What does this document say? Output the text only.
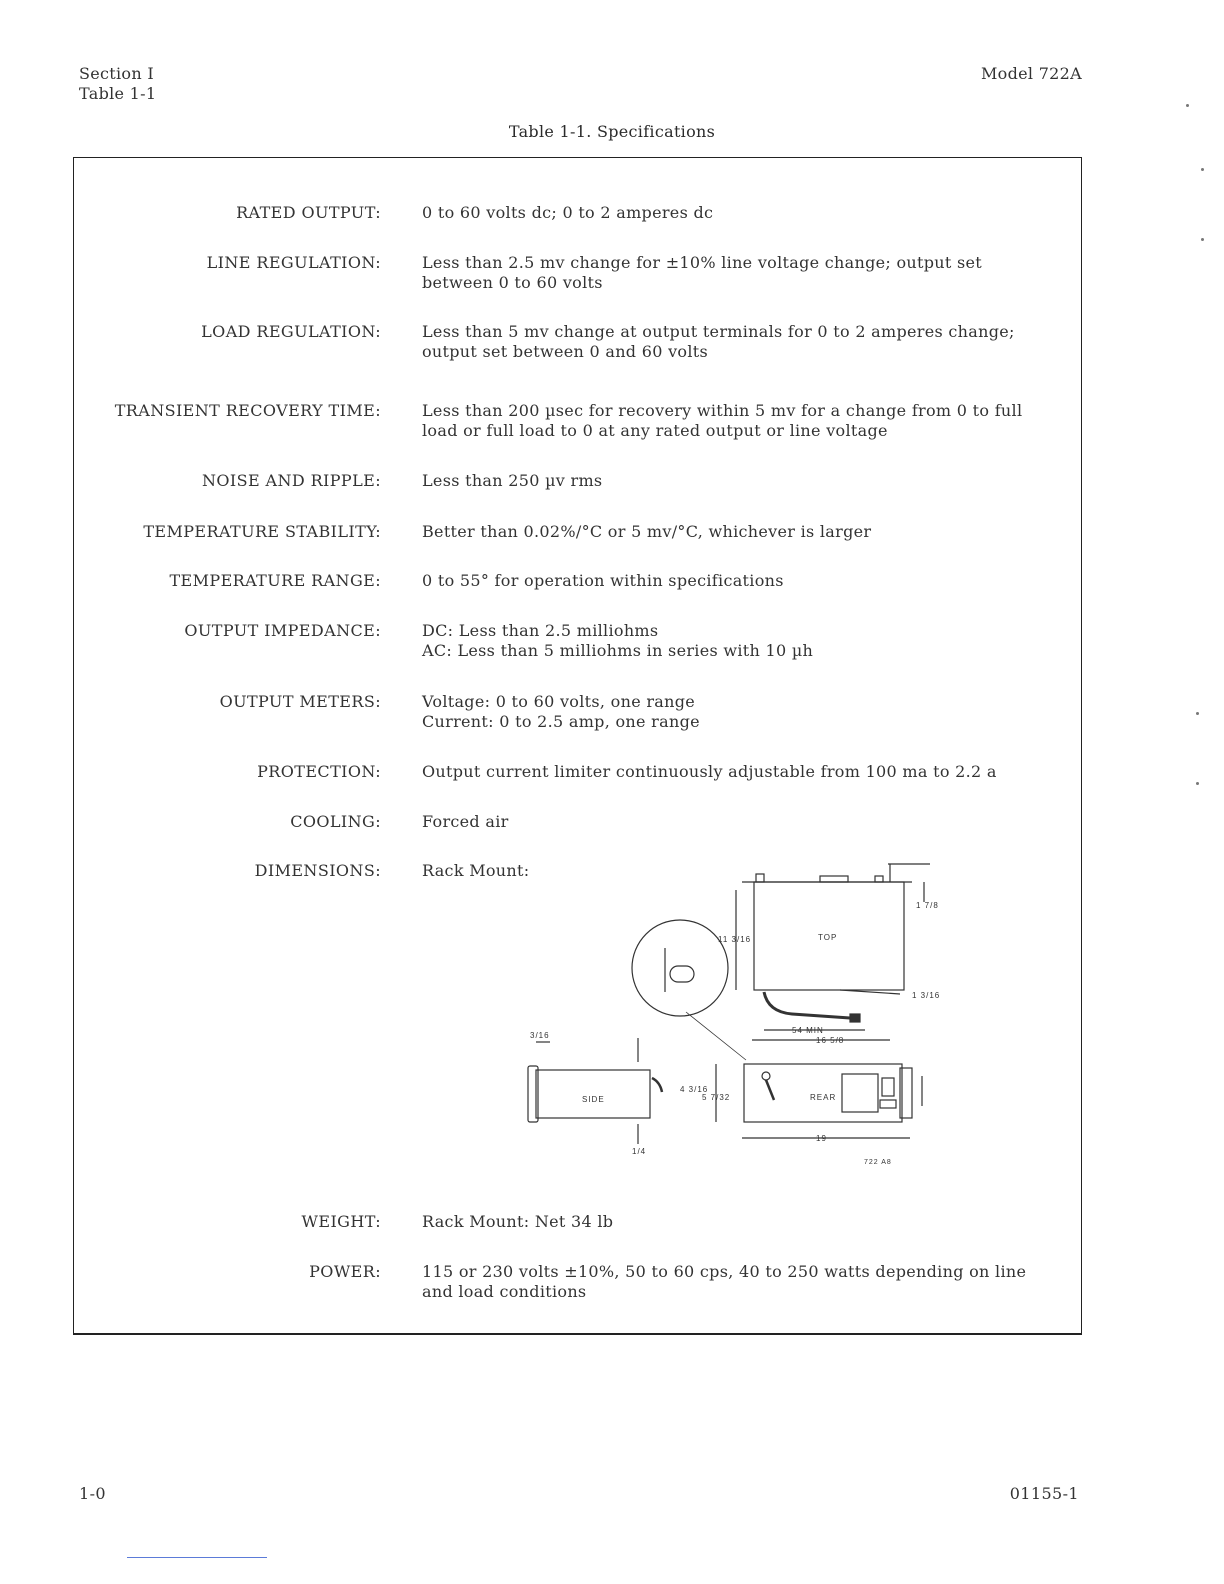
Section I
Table 1-1
Model 722A
Table 1-1. Specifications
RATED OUTPUT:	0 to 60 volts dc; 0 to 2 amperes dc
LINE REGULATION:	Less than 2.5 mv change for ±10% line voltage change; output set between 0 to 60 volts
LOAD REGULATION:	Less than 5 mv change at output terminals for 0 to 2 amperes change; output set between 0 and 60 volts
TRANSIENT RECOVERY TIME:	Less than 200 µsec for recovery within 5 mv for a change from 0 to full load or full load to 0 at any rated output or line voltage
NOISE AND RIPPLE:	Less than 250 µv rms
TEMPERATURE STABILITY:	Better than 0.02%/°C or 5 mv/°C, whichever is larger
TEMPERATURE RANGE:	0 to 55° for operation within specifications
OUTPUT IMPEDANCE:	DC: Less than 2.5 milliohms
AC: Less than 5 milliohms in series with 10 µh
OUTPUT METERS:	Voltage: 0 to 60 volts, one range
Current: 0 to 2.5 amp, one range
PROTECTION:	Output current limiter continuously adjustable from 100 ma to 2.2 a
COOLING:	Forced air
DIMENSIONS:	Rack Mount:
TOP
SIDE	REAR
54 MIN
16 5/8
19
5 7/32
4 3/16
11 3/16
1 7/8
1 3/16
1/4
3/16
722 A8
WEIGHT:	Rack Mount: Net 34 lb
POWER:	115 or 230 volts ±10%, 50 to 60 cps, 40 to 250 watts depending on line and load conditions
1-0	01155-1
